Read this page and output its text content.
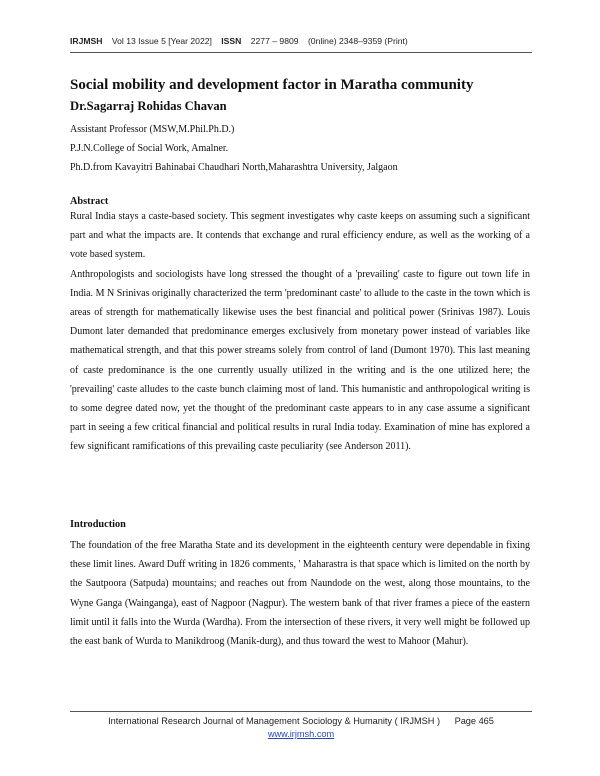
IRJMSH Vol 13 Issue 5 [Year 2022] ISSN 2277 – 9809 (0nline) 2348–9359 (Print)
Social mobility and development factor in Maratha community
Dr.Sagarraj Rohidas Chavan
Assistant Professor (MSW,M.Phil.Ph.D.)
P.J.N.College of Social Work, Amalner.
Ph.D.from Kavayitri Bahinabai Chaudhari North,Maharashtra University, Jalgaon
Abstract

Rural India stays a caste-based society. This segment investigates why caste keeps on assuming such a significant part and what the impacts are. It contends that exchange and rural efficiency endure, as well as the working of a vote based system.

Anthropologists and sociologists have long stressed the thought of a 'prevailing' caste to figure out town life in India. M N Srinivas originally characterized the term 'predominant caste' to allude to the caste in the town which is areas of strength for mathematically likewise uses the best financial and political power (Srinivas 1987). Louis Dumont later demanded that predominance emerges exclusively from monetary power instead of variables like mathematical strength, and that this power streams solely from control of land (Dumont 1970). This last meaning of caste predominance is the one currently usually utilized in the writing and is the one utilized here; the 'prevailing' caste alludes to the caste bunch claiming most of land. This humanistic and anthropological writing is to some degree dated now, yet the thought of the predominant caste appears to in any case assume a significant part in seeing a few critical financial and political results in rural India today. Examination of mine has explored a few significant ramifications of this prevailing caste peculiarity (see Anderson 2011).

Introduction

The foundation of the free Maratha State and its development in the eighteenth century were dependable in fixing these limit lines. Award Duff writing in 1826 comments, ' Maharastra is that space which is limited on the north by the Sautpoora (Satpuda) mountains; and reaches out from Naundode on the west, along those mountains, to the Wyne Ganga (Wainganga), east of Nagpoor (Nagpur). The western bank of that river frames a piece of the eastern limit until it falls into the Wurda (Wardha). From the intersection of these rivers, it very well might be followed up the east bank of Wurda to Manikdroog (Manik-durg), and thus toward the west to Mahoor (Mahur).

International Research Journal of Management Sociology & Humanity ( IRJMSH ) Page 465
www.irjmsh.com
